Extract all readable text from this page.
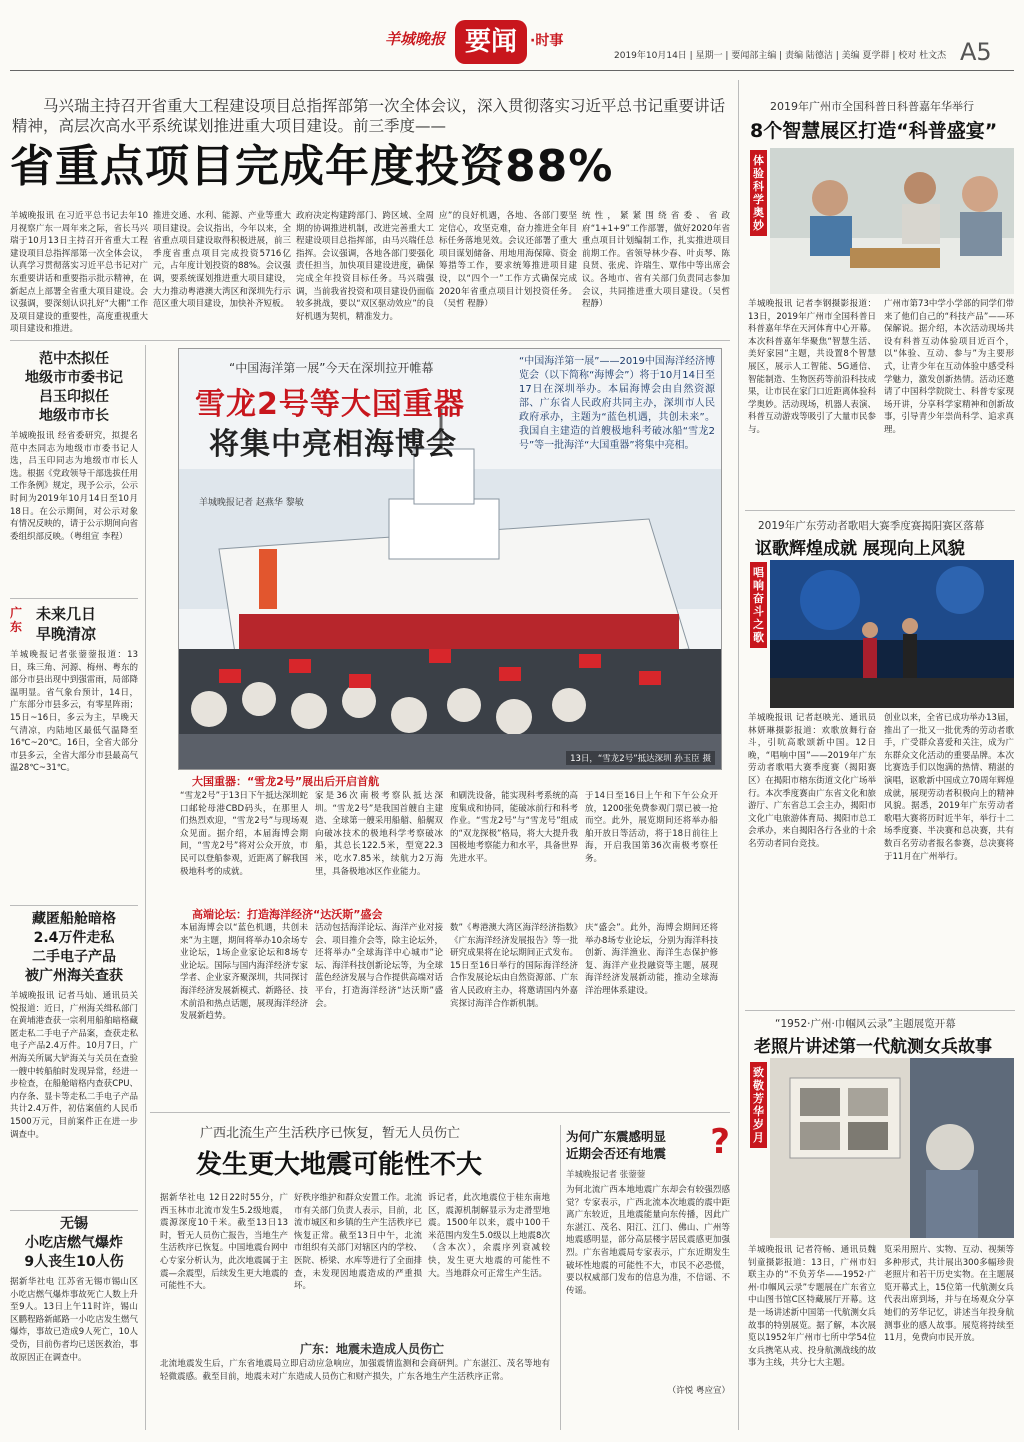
羊城晚报 要闻 ·时事
2019年10月14日 | 星期一 | 要闻部主编 | 责编 陆德洁 | 美编 夏学群 | 校对 杜文杰 A5
马兴瑞主持召开省重大工程建设项目总指挥部第一次全体会议，深入贯彻落实习近平总书记重要讲话精神，高层次高水平系统谋划推进重大项目建设。前三季度——
省重点项目完成年度投资88%
羊城晚报讯 在习近平总书记去年10月视察广东一周年来之际，省长马兴瑞于10月13日主持召开省重大工程建设项目总指挥部第一次全体会议，认真学习贯彻落实习近平总书记对广东重要讲话和重要指示批示精神，在新起点上部署全省重大项目建设。会议强调，要深刻认识扎好“大棚”工作及项目建设的重要性，高度重视重大项目建设和推进。
推进交通、水利、能源、产业等重大项目建设。会议指出，今年以来，全省重点项目建设取得积极进展，前三季度省重点项目完成投资5716亿元，占年度计划投资的88%。会议强调，要系统谋划推进重大项目建设，大力推动粤港澳大湾区和深圳先行示范区重大项目建设，加快补齐短板。
政府决定构建跨部门、跨区域、全周期的协调推进机制，改进完善重大工程建设项目总指挥部，由马兴瑞任总指挥。会议强调，各地各部门要强化责任担当，加快项目建设进度，确保完成全年投资目标任务。马兴瑞强调，当前我省投资和项目建设仍面临较多挑战，要以“双区驱动效应”的良好机遇为契机，精准发力。
应”的良好机遇，各地、各部门要坚定信心，攻坚克难，奋力推进全年目标任务落地见效。会议还部署了重大项目谋划储备、用地用海保障、资金筹措等工作，要求统筹推进项目建设，以“四个一”工作方式确保完成2020年省重点项目计划投资任务。（吴哲 程静）
统性，紧紧围绕省委、省政府“1+1+9”工作部署，做好2020年省重点项目计划编制工作，扎实推进项目前期工作。省领导林少春、叶贞琴、陈良贤、张虎、许瑞生、覃伟中等出席会议。各地市、省有关部门负责同志参加会议，共同推进重大项目建设。（吴哲 程静）
范中杰拟任
地级市市委书记
吕玉印拟任
地级市市长
羊城晚报讯 经省委研究，拟提名范中杰同志为地级市市委书记人选，吕玉印同志为地级市市长人选。根据《党政领导干部选拔任用工作条例》规定，现予公示，公示时间为2019年10月14日至10月18日。在公示期间，对公示对象有情况反映的，请于公示期间向省委组织部反映。（粤组宣 李程）
广东
未来几日
早晚清凉
羊城晚报记者张蓥蓥报道：13日，珠三角、河源、梅州、粤东的部分市县出现中到强雷雨，局部降温明显。省气象台预计，14日，广东部分市县多云，有零星阵雨；15日~16日，多云为主，早晚天气清凉，内陆地区最低气温降至16℃~20℃。16日，全省大部分市县多云，全省大部分市县最高气温28℃~31℃。
藏匿船舱暗格
2.4万件走私
二手电子产品
被广州海关查获
羊城晚报讯 记者马灿、通讯员关悦报道：近日，广州海关缉私部门在黄埔港查获一宗利用船舶暗格藏匿走私二手电子产品案，查获走私电子产品2.4万件。10月7日，广州海关所属大铲海关与关员在查验一艘中转船舶时发现异常，经进一步检查，在船舱暗格内查获CPU、内存条、显卡等走私二手电子产品共计2.4万件，初估案值约人民币1500万元，目前案件正在进一步调查中。
无锡
小吃店燃气爆炸
9人丧生10人伤
据新华社电 江苏省无锡市锡山区小吃店燃气爆炸事故死亡人数上升至9人。13日上午11时许，锡山区鹏程路新邮路一小吃店发生燃气爆炸，事故已造成9人死亡，10人受伤，目前伤者均已送医救治，事故原因正在调查中。
“中国海洋第一展”今天在深圳拉开帷幕
雪龙2号等大国重器
将集中亮相海博会
羊城晚报记者 赵燕华 黎敏
“中国海洋第一展”——2019中国海洋经济博览会（以下简称“海博会”）将于10月14日至17日在深圳举办。本届海博会由自然资源部、广东省人民政府共同主办，深圳市人民政府承办，主题为“蓝色机遇，共创未来”。我国自主建造的首艘极地科考破冰船“雪龙2号”等一批海洋“大国重器”将集中亮相。
13日，“雪龙2号”抵达深圳 孙玉臣 摄
大国重器：“雪龙2号”展出后开启首航
“雪龙2号”于13日下午抵达深圳蛇口邮轮母港CBD码头，在那里人们热烈欢迎，“雪龙2号”与现场观众见面。据介绍，本届海博会期间，“雪龙2号”将对公众开放，市民可以登船参观，近距离了解我国极地科考的成就。
家是36次南极考察队抵达深圳。“雪龙2号”是我国首艘自主建造、全球第一艘采用船艏、船艉双向破冰技术的极地科学考察破冰船，其总长122.5米，型宽22.3米，吃水7.85米，续航力2万海里，具备极地冰区作业能力。
和刷洗设备，能实现科考系统的高度集成和协同，能破冰前行和科考作业。“雪龙2号”与“雪龙号”组成的“双龙探极”格局，将大大提升我国极地考察能力和水平，具备世界先进水平。
于14日至16日上午和下午公众开放，1200张免费参观门票已被一抢而空。此外，展览期间还将举办船舶开放日等活动，将于18日前往上海，开启我国第36次南极考察任务。
高端论坛：打造海洋经济“达沃斯”盛会
本届海博会以“蓝色机遇，共创未来”为主题，期间将举办10余场专业论坛，1场企业家论坛和8场专业论坛。国际与国内海洋经济专家学者、企业家齐聚深圳，共同探讨海洋经济发展新模式、新路径、技术前沿和热点话题，展现海洋经济发展新趋势。
活动包括海洋论坛、海洋产业对接会、项目推介会等，除主论坛外，还将举办“全球海洋中心城市”论坛、海洋科技创新论坛等，为全球蓝色经济发展与合作提供高端对话平台，打造海洋经济“达沃斯”盛会。
数”《粤港澳大湾区海洋经济指数》《广东海洋经济发展报告》等一批研究成果将在论坛期间正式发布。15日至16日举行的国际海洋经济合作发展论坛由自然资源部、广东省人民政府主办，将邀请国内外嘉宾探讨海洋合作新机制。
庆“盛会”。此外，海博会期间还将举办8场专业论坛，分别为海洋科技创新、海洋渔业、海洋生态保护修复、海洋产业投融资等主题，展现海洋经济发展新动能，推动全球海洋治理体系建设。
广西北流生产生活秩序已恢复，暂无人员伤亡
发生更大地震可能性不大
据新华社电 12日22时55分，广西玉林市北流市发生5.2级地震，震源深度10千米。截至13日13时，暂无人员伤亡报告，当地生产生活秩序已恢复。中国地震台网中心专家分析认为，此次地震属于主震—余震型，后续发生更大地震的可能性不大。
好秩序维护和群众安置工作。北流市有关部门负责人表示，目前，北流市城区和乡镇的生产生活秩序已恢复正常。截至13日中午，北流市组织有关部门对辖区内的学校、医院、桥梁、水库等进行了全面排查，未发现因地震造成的严重损坏。
诉记者，此次地震位于桂东南地区，震源机制解显示为走滑型地震。1500年以来，震中100千米范围内发生5.0级以上地震8次（含本次），余震序列衰减较快，发生更大地震的可能性不大。当地群众可正常生产生活。
广东：地震未造成人员伤亡
北流地震发生后，广东省地震局立即启动应急响应，加强震情监测和会商研判。广东湛江、茂名等地有轻微震感。截至目前，地震未对广东造成人员伤亡和财产损失，广东各地生产生活秩序正常。
为何广东震感明显
近期会否还有地震	?
羊城晚报记者 张蓥蓥
为何北流广西本地地震广东却会有较强烈感觉？专家表示，广西北流本次地震的震中距离广东较近，且地震能量向东传播，因此广东湛江、茂名、阳江、江门、佛山、广州等地震感明显，部分高层楼宇居民震感更加强烈。广东省地震局专家表示，广东近期发生破坏性地震的可能性不大，市民不必恐慌，要以权威部门发布的信息为准，不信谣、不传谣。
（许悦 粤应宣）
2019年广州市全国科普日科普嘉年华举行
8个智慧展区打造“科普盛宴”
体验科学奥妙
羊城晚报讯 记者李钢摄影报道：13日，2019年广州市全国科普日科普嘉年华在天河体育中心开幕。本次科普嘉年华聚焦“智慧生活、美好家园”主题，共设置8个智慧展区，展示人工智能、5G通信、智能制造、生物医药等前沿科技成果，让市民在家门口近距离体验科学奥妙。活动现场，机器人表演、科普互动游戏等吸引了大量市民参与。
广州市第73中学小学部的同学们带来了他们自己的“科技产品”——环保解说。据介绍，本次活动现场共设有科普互动体验项目近百个，以“体验、互动、参与”为主要形式，让青少年在互动体验中感受科学魅力，激发创新热情。活动还邀请了中国科学院院士、科普专家现场开讲，分享科学家精神和创新故事，引导青少年崇尚科学、追求真理。
2019年广东劳动者歌唱大赛季度赛揭阳赛区落幕
讴歌辉煌成就 展现向上风貌
唱响奋斗之歌
羊城晚报讯 记者赵映光、通讯员林妍琳摄影报道：欢歌放舞行奋斗，引吭高歌颂新中国。12日晚，“唱响中国”——2019年广东劳动者歌唱大赛季度赛（揭阳赛区）在揭阳市榕东街道文化广场举行。本次季度赛由广东省文化和旅游厅、广东省总工会主办，揭阳市文化广电旅游体育局、揭阳市总工会承办，来自揭阳各行各业的十余名劳动者同台竞技。
创业以来，全省已成功举办13届，推出了一批又一批优秀的劳动者歌手，广受群众喜爱和关注，成为广东群众文化活动的重要品牌。本次比赛选手们以饱满的热情、精湛的演唱，讴歌新中国成立70周年辉煌成就，展现劳动者积极向上的精神风貌。据悉，2019年广东劳动者歌唱大赛将历时近半年，举行十二场季度赛、半决赛和总决赛，共有数百名劳动者报名参赛，总决赛将于11月在广州举行。
“1952·广州·巾帼风云录”主题展览开幕
老照片讲述第一代航测女兵故事
致敬芳华岁月
羊城晚报讯 记者符畅、通讯员魏钊童摄影报道：13日，广州市妇联主办的“不负芳华——1952·广州·巾帼风云录”专题展在广东省立中山图书馆C区特藏展厅开幕。这是一场讲述新中国第一代航测女兵故事的特别展览。据了解，本次展览以1952年广州市七所中学54位女兵携笔从戎、投身航测战线的故事为主线，共分七大主题。
览采用照片、实物、互动、视频等多种形式，共计展出300多幅珍贵老照片和若干历史实物。在主题展览开幕式上，15位第一代航测女兵代表出席到场，并与在场观众分享她们的芳华记忆，讲述当年投身航测事业的感人故事。展览将持续至11月，免费向市民开放。
